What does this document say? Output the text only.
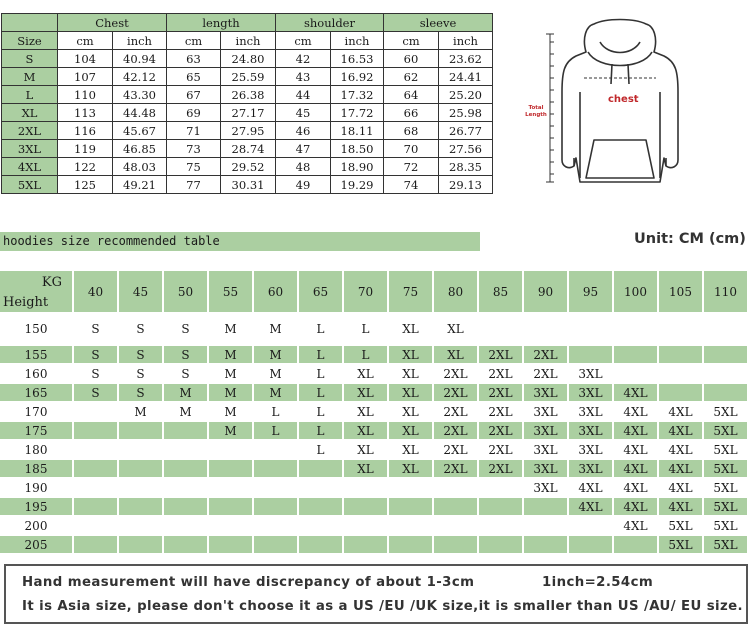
	Chest		length		shoulder		sleeve	
Size	cm	inch	cm	inch	cm	inch	cm	inch
S	104	40.94	63	24.80	42	16.53	60	23.62
M	107	42.12	65	25.59	43	16.92	62	24.41
L	110	43.30	67	26.38	44	17.32	64	25.20
XL	113	44.48	69	27.17	45	17.72	66	25.98
2XL	116	45.67	71	27.95	46	18.11	68	26.77
3XL	119	46.85	73	28.74	47	18.50	70	27.56
4XL	122	48.03	75	29.52	48	18.90	72	28.35
5XL	125	49.21	77	30.31	49	19.29	74	29.13
chest
Total
Length
hoodies size recommended table	Unit: CM (cm)
KG
Height	40	45	50	55	60	65	70	75	80	85	90	95	100	105	110
150	S	S	S	M	M	L	L	XL	XL						
155	S	S	S	M	M	L	L	XL	XL	2XL	2XL				
160	S	S	S	M	M	L	XL	XL	2XL	2XL	2XL	3XL			
165	S	S	M	M	M	L	XL	XL	2XL	2XL	3XL	3XL	4XL		
170		M	M	M	L	L	XL	XL	2XL	2XL	3XL	3XL	4XL	4XL	5XL
175				M	L	L	XL	XL	2XL	2XL	3XL	3XL	4XL	4XL	5XL
180						L	XL	XL	2XL	2XL	3XL	3XL	4XL	4XL	5XL
185							XL	XL	2XL	2XL	3XL	3XL	4XL	4XL	5XL
190											3XL	4XL	4XL	4XL	5XL
195												4XL	4XL	4XL	5XL
200													4XL	5XL	5XL
205														5XL	5XL
Hand measurement will have discrepancy of about 1-3cm	1inch=2.54cm
It is Asia size, please don't choose it as a US /EU /UK size,it is smaller than US /AU/ EU size.
